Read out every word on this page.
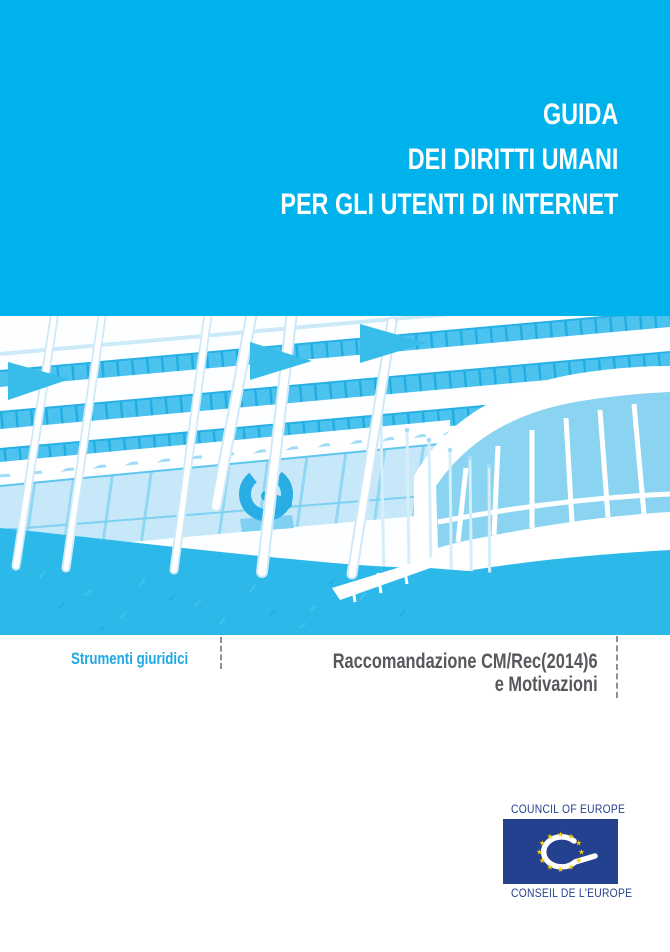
GUIDA
DEI DIRITTI UMANI
PER GLI UTENTI DI INTERNET
Strumenti giuridici	Raccomandazione CM/Rec(2014)6
e Motivazioni
COUNCIL OF EUROPE
★
★
★
★
★
★
★
★
★ ★ ★
★
CONSEIL DE L'EUROPE
